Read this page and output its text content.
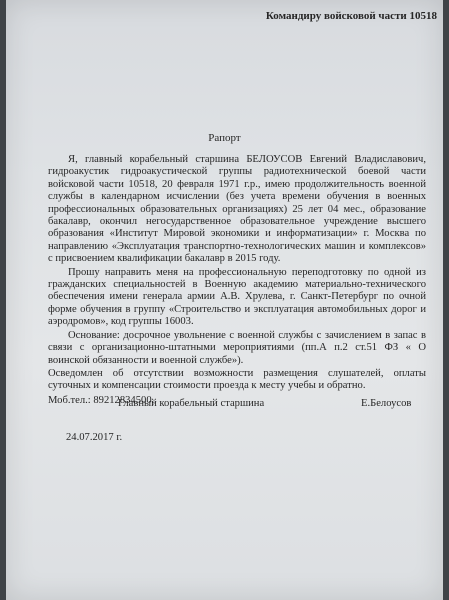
Командиру войсковой части 10518
Рапорт

Я, главный корабельный старшина БЕЛОУСОВ Евгений Владиславович, гидроакустик гидроакустической группы радиотехнической боевой части войсковой части 10518, 20 февраля 1971 г.р., имею продолжительность военной службы в календарном исчислении (без учета времени обучения в военных профессиональных образовательных организациях) 25 лет 04 мес., образование бакалавр, окончил негосударственное образовательное учреждение высшего образования «Институт Мировой экономики и информатизации» г. Москва по направлению «Эксплуатация транспортно-технологических машин и комплексов» с присвоением квалификации бакалавр в 2015 году.

Прошу направить меня на профессиональную переподготовку по одной из гражданских специальностей в Военную академию материально-технического обеспечения имени генерала армии А.В. Хрулева, г. Санкт-Петербург по очной форме обучения в группу «Строительство и эксплуатация автомобильных дорог и аэродромов», код группы 16003.

Основание: досрочное увольнение с военной службы с зачислением в запас в связи с организационно-штатными мероприятиями (пп.А п.2 ст.51 ФЗ « О воинской обязанности и военной службе»).

Осведомлен об отсутствии возможности размещения слушателей, оплаты суточных и компенсации стоимости проезда к месту учебы и обратно.

Моб.тел.: 89212834500.

Главный корабельный старшина	Е.Белоусов
24.07.2017 г.
